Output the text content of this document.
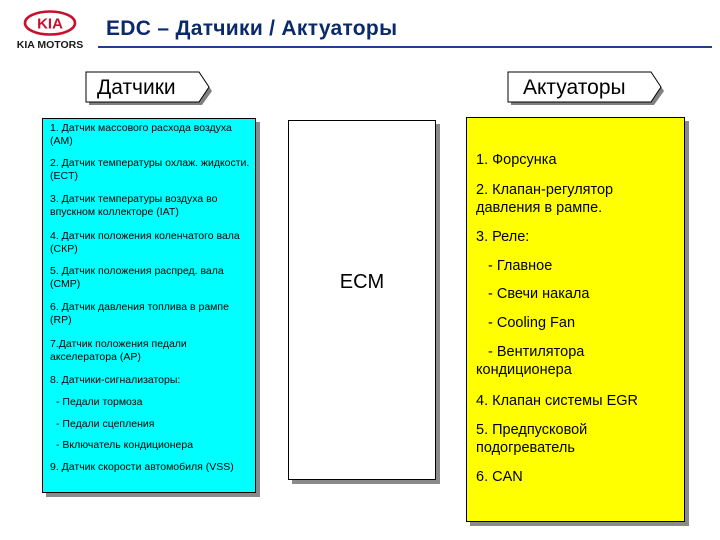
KIA
KIA MOTORS
EDC – Датчики / Актуаторы
Датчики	Актуаторы
1. Датчик массового расхода воздуха (AM)
2. Датчик температуры охлаж. жидкости. (ECT)
3. Датчик температуры воздуха во впускном коллекторе (IAT)
4. Датчик положения коленчатого вала (СКР)
5. Датчик положения распред. вала (СМР)
6. Датчик давления топлива в рампе (RP)
7.Датчик положения педали акселератора (АР)
8. Датчики-сигнализаторы:
- Педали тормоза
- Педали сцепления
- Включатель кондиционера
9. Датчик скорости автомобиля (VSS)
ECM
1. Форсунка
2. Клапан-регулятор давления в рампе.
3. Реле:
- Главное
- Свечи накала
- Cooling Fan
- Вентилятора кондиционера
4. Клапан системы EGR
5. Предпусковой подогреватель
6. CAN
